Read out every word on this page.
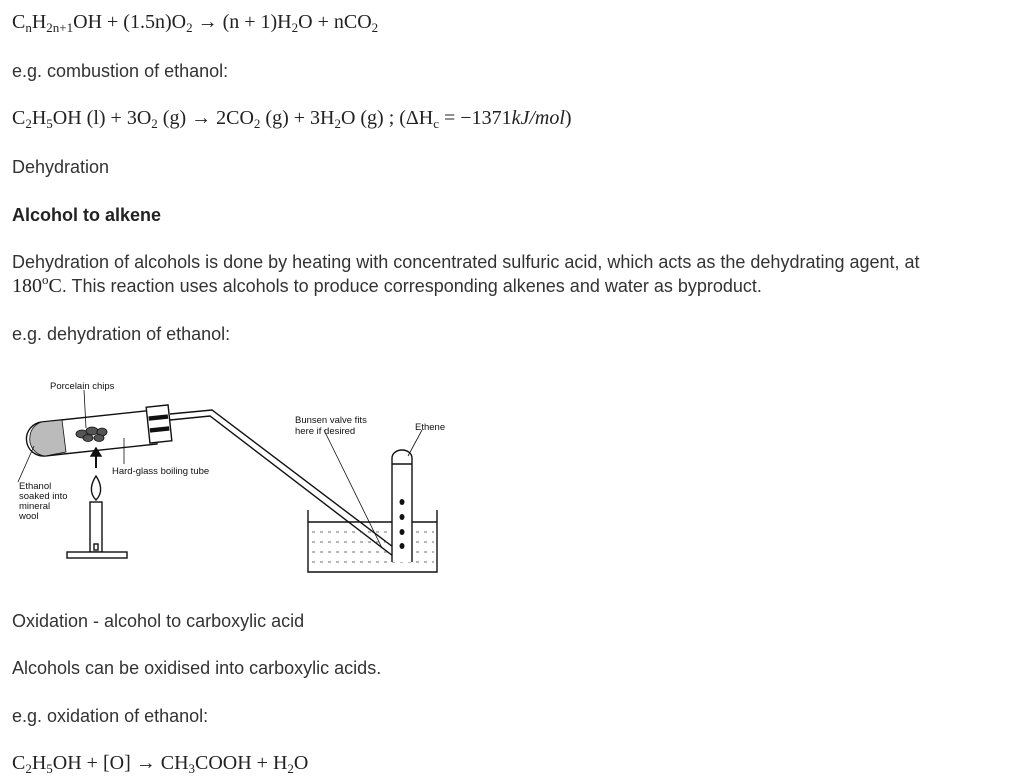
$C_nH_{2n+1}OH + (1.5n)O_2 \to (n + 1)H_2O + nCO_2$
e.g. combustion of ethanol:
$C_2H_5OH$ $(l) + 3O_2$ $(g) \to 2CO_2$ $(g) + 3H_2O$ (g) ; $(\Delta H_c = -1371kJ/mol)$
Dehydration
Alcohol to alkene
Dehydration of alcohols is done by heating with concentrated sulfuric acid, which acts as the dehydrating agent, at
180$^o$C. This reaction uses alcohols to produce corresponding alkenes and water as byproduct.
e.g. dehydration of ethanol:
Porcelain chips
Bunsen valve fits
here if desired	Ethene
Hard-glass boiling tube
Ethanol
soaked into
mineral
wool
Oxidation - alcohol to carboxylic acid
Alcohols can be oxidised into carboxylic acids.
e.g. oxidation of ethanol:
$C_2H_5OH + [O]$ → $CH_3COOH + H_2O$
